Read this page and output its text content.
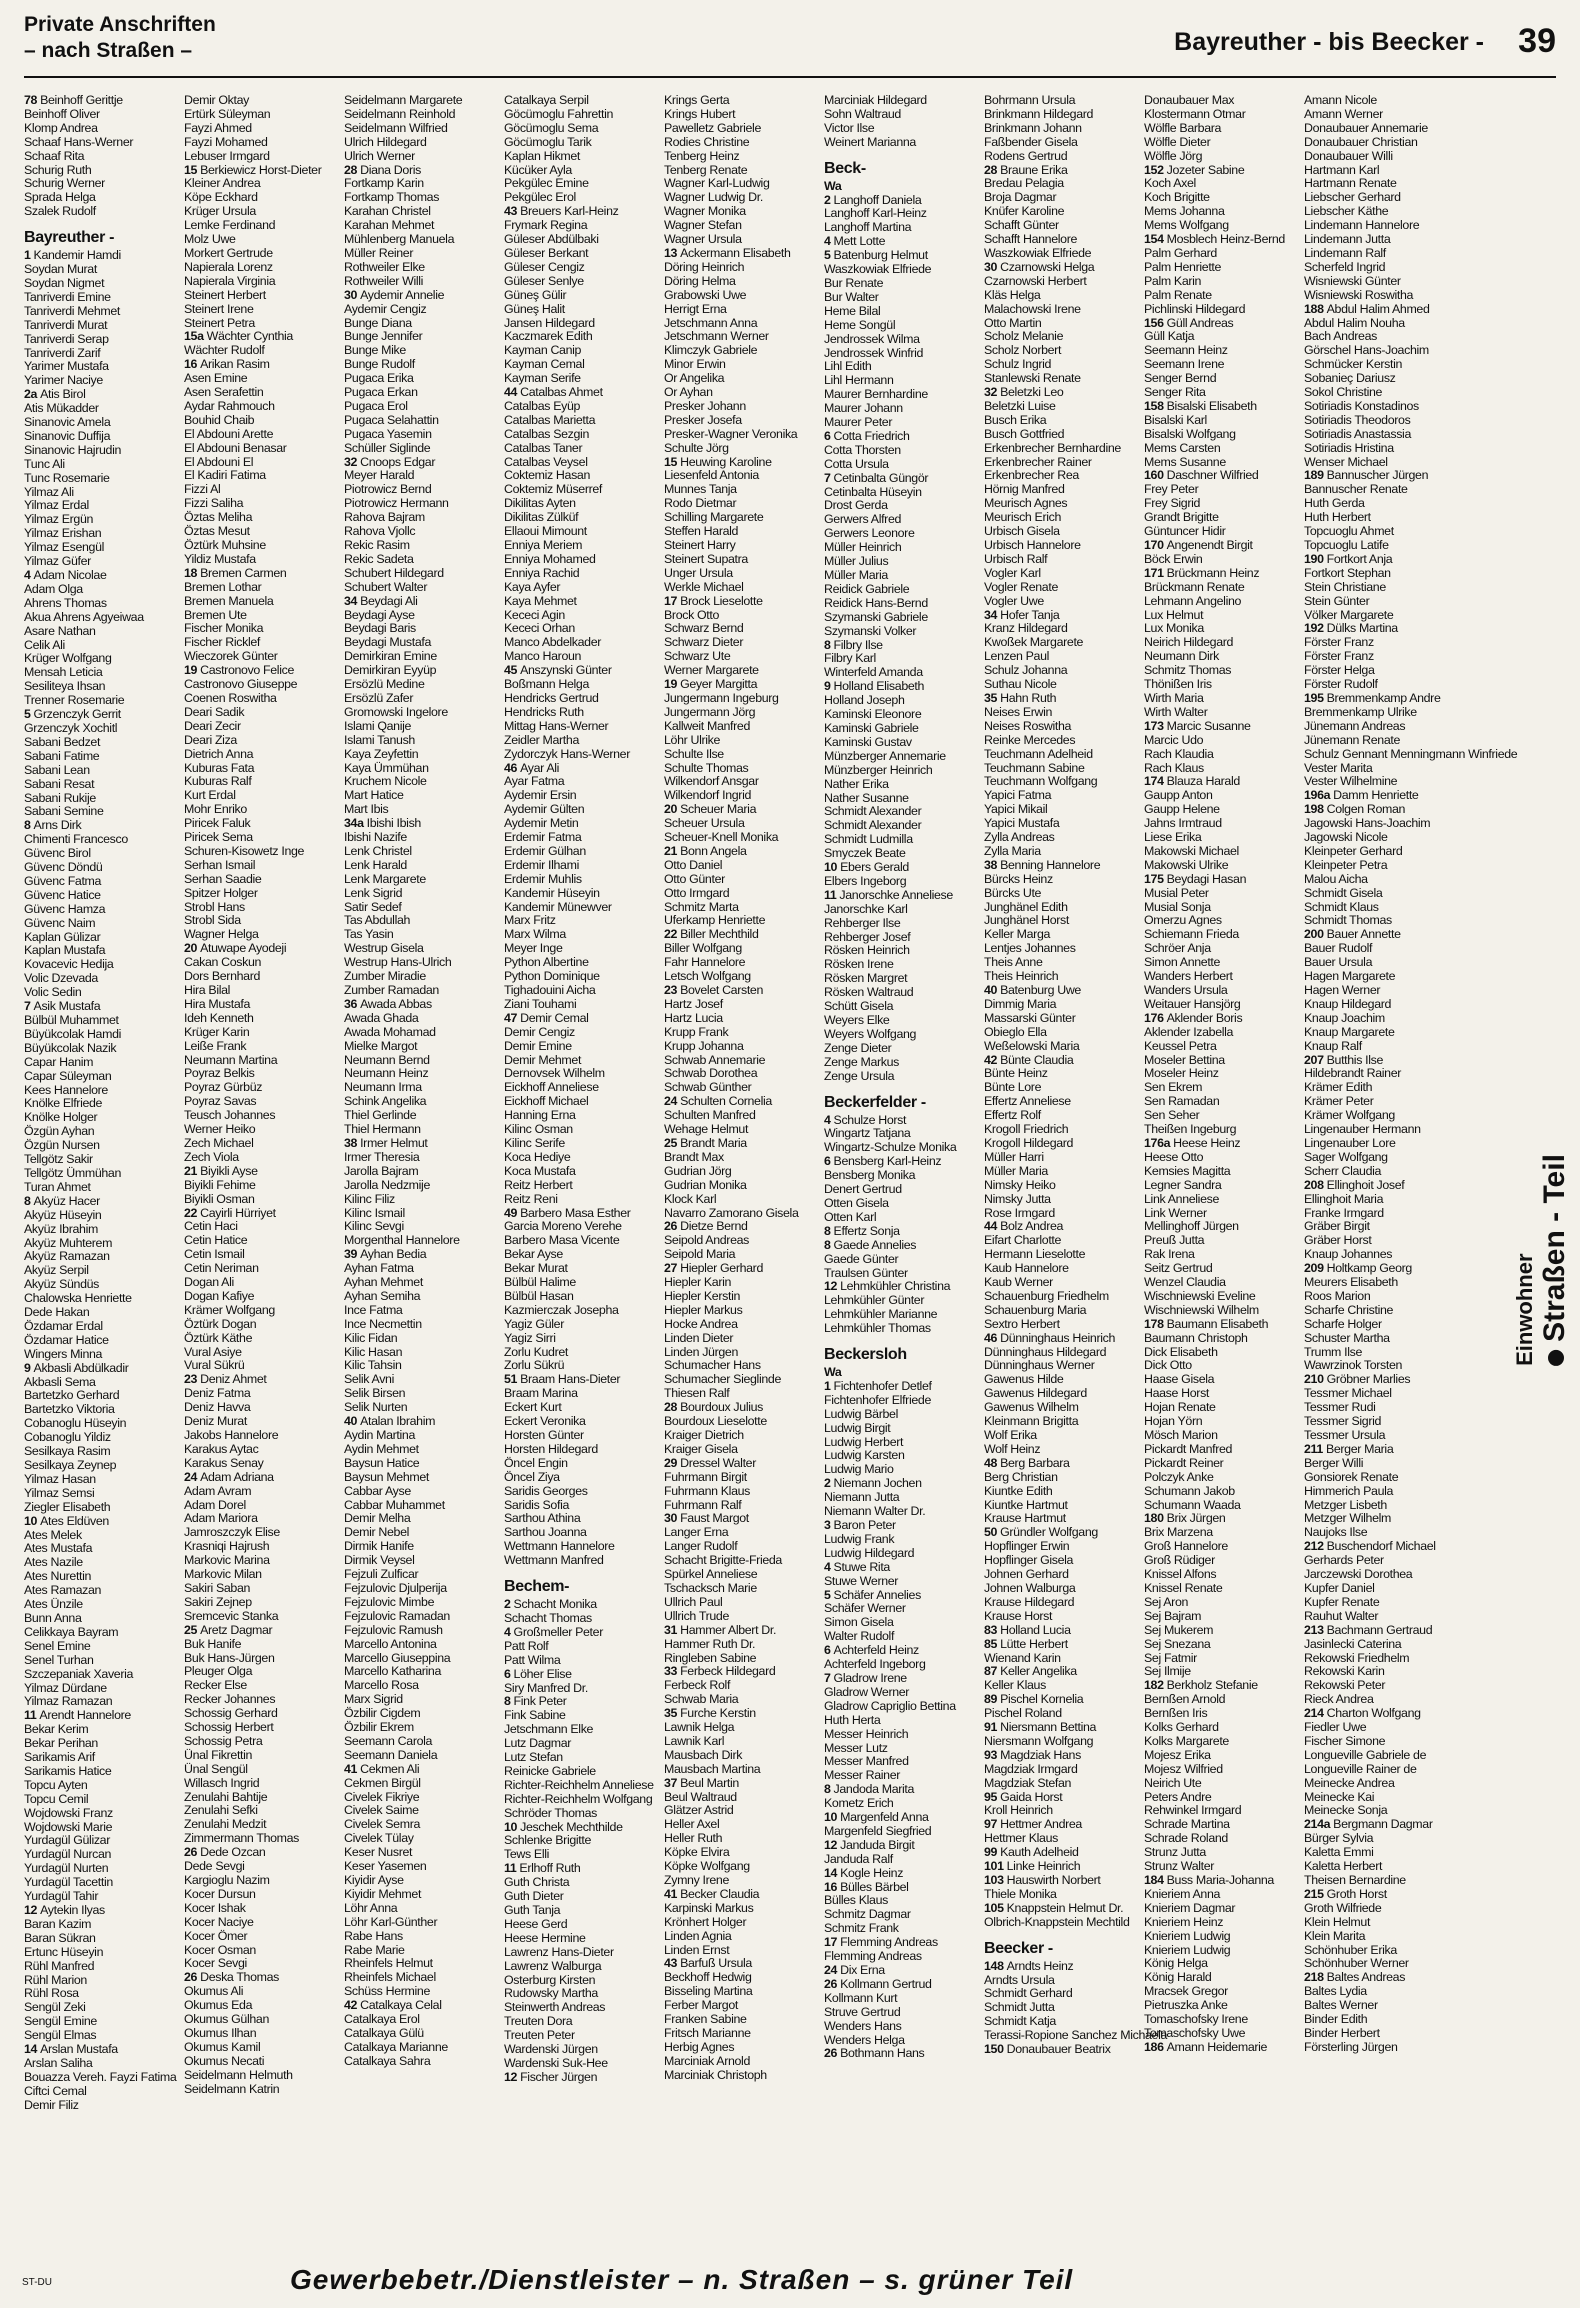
Private Anschriften
– nach Straßen –	Bayreuther - bis Beecker - 39
78 Beinhoff Gerittje
Beinhoff Oliver
Klomp Andrea
Schaaf Hans-Werner
Schaaf Rita
Schurig Ruth
Schurig Werner
Sprada Helga
Szalek Rudolf
Bayreuther -
1 Kandemir Hamdi
Soydan Murat
Soydan Nigmet
Tanriverdi Emine
Tanriverdi Mehmet
Tanriverdi Murat
Tanriverdi Serap
Tanriverdi Zarif
Yarimer Mustafa
Yarimer Naciye
2a Atis Birol
Atis Mükadder
Sinanovic Amela
Sinanovic Duffija
Sinanovic Hajrudin
Tunc Ali
Tunc Rosemarie
Yilmaz Ali
Yilmaz Erdal
Yilmaz Ergün
Yilmaz Erishan
Yilmaz Esengül
Yilmaz Güfer
4 Adam Nicolae
Adam Olga
Ahrens Thomas
Akua Ahrens Agyeiwaa
Asare Nathan
Celik Ali
Krüger Wolfgang
Mensah Leticia
Sesiliteya Ihsan
Trenner Rosemarie
5 Grzenczyk Gerrit
Grzenczyk Xochitl
Sabani Bedzet
Sabani Fatime
Sabani Lean
Sabani Resat
Sabani Rukije
Sabani Semine
8 Arns Dirk
Chimenti Francesco
Güvenc Birol
Güvenc Döndü
Güvenc Fatma
Güvenc Hatice
Güvenc Hamza
Güvenc Naim
Kaplan Gülizar
Kaplan Mustafa
Kovacevic Hedija
Volic Dzevada
Volic Sedin
7 Asik Mustafa
Bülbül Muhammet
Büyükcolak Hamdi
Büyükcolak Nazik
Capar Hanim
Capar Süleyman
Kees Hannelore
Knölke Elfriede
Knölke Holger
Özgün Ayhan
Özgün Nursen
Tellgötz Sakir
Tellgötz Ümmühan
Turan Ahmet
8 Akyüz Hacer
Akyüz Hüseyin
Akyüz Ibrahim
Akyüz Muhterem
Akyüz Ramazan
Akyüz Serpil
Akyüz Sündüs
Chalowska Henriette
Dede Hakan
Özdamar Erdal
Özdamar Hatice
Wingers Minna
9 Akbasli Abdülkadir
Akbasli Sema
Bartetzko Gerhard
Bartetzko Viktoria
Cobanoglu Hüseyin
Cobanoglu Yildiz
Sesilkaya Rasim
Sesilkaya Zeynep
Yilmaz Hasan
Yilmaz Semsi
Ziegler Elisabeth
10 Ates Eldüven
Ates Melek
Ates Mustafa
Ates Nazile
Ates Nurettin
Ates Ramazan
Ates Ünzile
Bunn Anna
Celikkaya Bayram
Senel Emine
Senel Turhan
Szczepaniak Xaveria
Yilmaz Dürdane
Yilmaz Ramazan
11 Arendt Hannelore
Bekar Kerim
Bekar Perihan
Sarikamis Arif
Sarikamis Hatice
Topcu Ayten
Topcu Cemil
Wojdowski Franz
Wojdowski Marie
Yurdagül Gülizar
Yurdagül Nurcan
Yurdagül Nurten
Yurdagül Tacettin
Yurdagül Tahir
12 Aytekin Ilyas
Baran Kazim
Baran Sükran
Ertunc Hüseyin
Rühl Manfred
Rühl Marion
Rühl Rosa
Sengül Zeki
Sengül Emine
Sengül Elmas
14 Arslan Mustafa
Arslan Saliha
Bouazza Vereh. Fayzi Fatima
Ciftci Cemal
Demir Filiz
Demir Oktay
Ertürk Süleyman
Fayzi Ahmed
Fayzi Mohamed
Lebuser Irmgard
15 Berkiewicz Horst-Dieter
Kleiner Andrea
Köpe Eckhard
Krüger Ursula
Lemke Ferdinand
Molz Uwe
Morkert Gertrude
Napierala Lorenz
Napierala Virginia
Steinert Herbert
Steinert Irene
Steinert Petra
15a Wächter Cynthia
Wächter Rudolf
16 Arikan Rasim
Asen Emine
Asen Serafettin
Aydar Rahmouch
Bouhid Chaib
El Abdouni Arette
El Abdouni Benasar
El Abdouni El
El Kadiri Fatima
Fizzi Al
Fizzi Saliha
Öztas Meliha
Öztas Mesut
Öztürk Muhsine
Yildiz Mustafa
18 Bremen Carmen
Bremen Lothar
Bremen Manuela
Bremen Ute
Fischer Monika
Fischer Ricklef
Wieczorek Günter
19 Castronovo Felice
Castronovo Giuseppe
Coenen Roswitha
Deari Sadik
Deari Zecir
Deari Ziza
Dietrich Anna
Kuburas Fata
Kuburas Ralf
Kurt Erdal
Mohr Enriko
Piricek Faluk
Piricek Sema
Schuren-Kisowetz Inge
Serhan Ismail
Serhan Saadie
Spitzer Holger
Strobl Hans
Strobl Sida
Wagner Helga
20 Atuwape Ayodeji
Cakan Coskun
Dors Bernhard
Hira Bilal
Hira Mustafa
Ideh Kenneth
Krüger Karin
Leiße Frank
Neumann Martina
Poyraz Belkis
Poyraz Gürbüz
Poyraz Savas
Teusch Johannes
Werner Heiko
Zech Michael
Zech Viola
21 Biyikli Ayse
Biyikli Fehime
Biyikli Osman
22 Cayirli Hürriyet
Cetin Haci
Cetin Hatice
Cetin Ismail
Cetin Neriman
Dogan Ali
Dogan Kafiye
Krämer Wolfgang
Öztürk Dogan
Öztürk Käthe
Vural Asiye
Vural Sükrü
23 Deniz Ahmet
Deniz Fatma
Deniz Havva
Deniz Murat
Jakobs Hannelore
Karakus Aytac
Karakus Senay
24 Adam Adriana
Adam Avram
Adam Dorel
Adam Mariora
Jamroszczyk Elise
Krasniqi Hajrush
Markovic Marina
Markovic Milan
Sakiri Saban
Sakiri Zejnep
Sremcevic Stanka
25 Aretz Dagmar
Buk Hanife
Buk Hans-Jürgen
Pleuger Olga
Recker Else
Recker Johannes
Schossig Gerhard
Schossig Herbert
Schossig Petra
Ünal Fikrettin
Ünal Sengül
Willasch Ingrid
Zenulahi Bahtije
Zenulahi Sefki
Zenulahi Medzit
Zimmermann Thomas
26 Dede Ozcan
Dede Sevgi
Kargioglu Nazim
Kocer Dursun
Kocer Ishak
Kocer Naciye
Kocer Ömer
Kocer Osman
Kocer Sevgi
26 Deska Thomas
Okumus Ali
Okumus Eda
Okumus Gülhan
Okumus Ilhan
Okumus Kamil
Okumus Necati
Seidelmann Helmuth
Seidelmann Katrin
Seidelmann Margarete
Seidelmann Reinhold
Seidelmann Wilfried
Ulrich Hildegard
Ulrich Werner
28 Diana Doris
Fortkamp Karin
Fortkamp Thomas
Karahan Christel
Karahan Mehmet
Mühlenberg Manuela
Müller Reiner
Rothweiler Elke
Rothweiler Willi
30 Aydemir Annelie
Aydemir Cengiz
Bunge Diana
Bunge Jennifer
Bunge Mike
Bunge Rudolf
Pugaca Erika
Pugaca Erkan
Pugaca Erol
Pugaca Selahattin
Pugaca Yasemin
Schüller Siglinde
32 Cnoops Edgar
Meyer Harald
Piotrowicz Bernd
Piotrowicz Hermann
Rahova Bajram
Rahova Vjollc
Rekic Rasim
Rekic Sadeta
Schubert Hildegard
Schubert Walter
34 Beydagi Ali
Beydagi Ayse
Beydagi Baris
Beydagi Mustafa
Demirkiran Emine
Demirkiran Eyyüp
Ersözlü Medine
Ersözlü Zafer
Gromowski Ingelore
Islami Qanije
Islami Tanush
Kaya Zeyfettin
Kaya Ümmühan
Kruchem Nicole
Mart Hatice
Mart Ibis
34a Ibishi Ibish
Ibishi Nazife
Lenk Christel
Lenk Harald
Lenk Margarete
Lenk Sigrid
Satir Sedef
Tas Abdullah
Tas Yasin
Westrup Gisela
Westrup Hans-Ulrich
Zumber Miradie
Zumber Ramadan
36 Awada Abbas
Awada Ghada
Awada Mohamad
Mielke Margot
Neumann Bernd
Neumann Heinz
Neumann Irma
Schink Angelika
Thiel Gerlinde
Thiel Hermann
38 Irmer Helmut
Irmer Theresia
Jarolla Bajram
Jarolla Nedzmije
Kilinc Filiz
Kilinc Ismail
Kilinc Sevgi
Morgenthal Hannelore
39 Ayhan Bedia
Ayhan Fatma
Ayhan Mehmet
Ayhan Semiha
Ince Fatma
Ince Necmettin
Kilic Fidan
Kilic Hasan
Kilic Tahsin
Selik Avni
Selik Birsen
Selik Nurten
40 Atalan Ibrahim
Aydin Martina
Aydin Mehmet
Baysun Hatice
Baysun Mehmet
Cabbar Ayse
Cabbar Muhammet
Demir Melha
Demir Nebel
Dirmik Hanife
Dirmik Veysel
Fejzuli Zulficar
Fejzulovic Djulperija
Fejzulovic Mimbe
Fejzulovic Ramadan
Fejzulovic Ramush
Marcello Antonina
Marcello Giuseppina
Marcello Katharina
Marcello Rosa
Marx Sigrid
Özbilir Cigdem
Özbilir Ekrem
Seemann Carola
Seemann Daniela
41 Cekmen Ali
Cekmen Birgül
Civelek Fikriye
Civelek Saime
Civelek Semra
Civelek Tülay
Keser Nusret
Keser Yasemen
Kiyidir Ayse
Kiyidir Mehmet
Löhr Anna
Löhr Karl-Günther
Rabe Hans
Rabe Marie
Rheinfels Helmut
Rheinfels Michael
Schüss Hermine
42 Catalkaya Celal
Catalkaya Erol
Catalkaya Gülü
Catalkaya Marianne
Catalkaya Sahra
Catalkaya Serpil
Göcümoglu Fahrettin
Göcümoglu Sema
Göcümoglu Tarik
Kaplan Hikmet
Kücüker Ayla
Pekgülec Emine
Pekgülec Erol
43 Breuers Karl-Heinz
Frymark Regina
Güleser Abdülbaki
Güleser Berkant
Güleser Cengiz
Güleser Senlye
Güneş Gülir
Güneş Halit
Jansen Hildegard
Kaczmarek Edith
Kayman Canip
Kayman Cemal
Kayman Serife
44 Catalbas Ahmet
Catalbas Eyüp
Catalbas Marietta
Catalbas Sezgin
Catalbas Taner
Catalbas Veysel
Coktemiz Hasan
Coktemiz Müserref
Dikilitas Ayten
Dikilitas Zülküf
Ellaoui Mimount
Enniya Meriem
Enniya Mohamed
Enniya Rachid
Kaya Ayfer
Kaya Mehmet
Kececi Agin
Kececi Orhan
Manco Abdelkader
Manco Haroun
45 Anszynski Günter
Boßmann Helga
Hendricks Gertrud
Hendricks Ruth
Mittag Hans-Werner
Zeidler Martha
Zydorczyk Hans-Werner
46 Ayar Ali
Ayar Fatma
Aydemir Ersin
Aydemir Gülten
Aydemir Metin
Erdemir Fatma
Erdemir Gülhan
Erdemir Ilhami
Erdemir Muhlis
Kandemir Hüseyin
Kandemir Münewver
Marx Fritz
Marx Wilma
Meyer Inge
Python Albertine
Python Dominique
Tighadouini Aicha
Ziani Touhami
47 Demir Cemal
Demir Cengiz
Demir Emine
Demir Mehmet
Dernovsek Wilhelm
Eickhoff Anneliese
Eickhoff Michael
Hanning Erna
Kilinc Osman
Kilinc Serife
Koca Hediye
Koca Mustafa
Reitz Herbert
Reitz Reni
49 Barbero Masa Esther
Garcia Moreno Verehe
Barbero Masa Vicente
Bekar Ayse
Bekar Murat
Bülbül Halime
Bülbül Hasan
Kazmierczak Josepha
Yagiz Güler
Yagiz Sirri
Zorlu Kudret
Zorlu Sükrü
51 Braam Hans-Dieter
Braam Marina
Eckert Kurt
Eckert Veronika
Horsten Günter
Horsten Hildegard
Öncel Engin
Öncel Ziya
Saridis Georges
Saridis Sofia
Sarthou Athina
Sarthou Joanna
Wettmann Hannelore
Wettmann Manfred
Bechem-
2 Schacht Monika
Schacht Thomas
4 Großmeller Peter
Patt Rolf
Patt Wilma
6 Löher Elise
Siry Manfred Dr.
8 Fink Peter
Fink Sabine
Jetschmann Elke
Lutz Dagmar
Lutz Stefan
Reinicke Gabriele
Richter-Reichhelm Anneliese
Richter-Reichhelm Wolfgang
Schröder Thomas
10 Jeschek Mechthilde
Schlenke Brigitte
Tews Elli
11 Erlhoff Ruth
Guth Christa
Guth Dieter
Guth Tanja
Heese Gerd
Heese Hermine
Lawrenz Hans-Dieter
Lawrenz Walburga
Osterburg Kirsten
Rudowsky Martha
Steinwerth Andreas
Treuten Dora
Treuten Peter
Wardenski Jürgen
Wardenski Suk-Hee
12 Fischer Jürgen
Krings Gerta
Krings Hubert
Pawelletz Gabriele
Rodies Christine
Tenberg Heinz
Tenberg Renate
Wagner Karl-Ludwig
Wagner Ludwig Dr.
Wagner Monika
Wagner Stefan
Wagner Ursula
13 Ackermann Elisabeth
Döring Heinrich
Döring Helma
Grabowski Uwe
Herrigt Erna
Jetschmann Anna
Jetschmann Werner
Klimczyk Gabriele
Minor Erwin
Or Angelika
Or Ayhan
Presker Johann
Presker Josefa
Presker-Wagner Veronika
Schulte Jörg
15 Heuwing Karoline
Liesenfeld Antonia
Munnes Tanja
Rodo Dietmar
Schilling Margarete
Steffen Harald
Steinert Harry
Steinert Supatra
Unger Ursula
Werkle Michael
17 Brock Lieselotte
Brock Otto
Schwarz Bernd
Schwarz Dieter
Schwarz Ute
Werner Margarete
19 Geyer Margitta
Jungermann Ingeburg
Jungermann Jörg
Kallweit Manfred
Löhr Ulrike
Schulte Ilse
Schulte Thomas
Wilkendorf Ansgar
Wilkendorf Ingrid
20 Scheuer Maria
Scheuer Ursula
Scheuer-Knell Monika
21 Bonn Angela
Otto Daniel
Otto Günter
Otto Irmgard
Schmitz Marta
Uferkamp Henriette
22 Biller Mechthild
Biller Wolfgang
Fahr Hannelore
Letsch Wolfgang
23 Bovelet Carsten
Hartz Josef
Hartz Lucia
Krupp Frank
Krupp Johanna
Schwab Annemarie
Schwab Dorothea
Schwab Günther
24 Schulten Cornelia
Schulten Manfred
Wehage Helmut
25 Brandt Maria
Brandt Max
Gudrian Jörg
Gudrian Monika
Klock Karl
Navarro Zamorano Gisela
26 Dietze Bernd
Seipold Andreas
Seipold Maria
27 Hiepler Gerhard
Hiepler Karin
Hiepler Kerstin
Hiepler Markus
Hocke Andrea
Linden Dieter
Linden Jürgen
Schumacher Hans
Schumacher Sieglinde
Thiesen Ralf
28 Bourdoux Julius
Bourdoux Lieselotte
Kraiger Dietrich
Kraiger Gisela
29 Dressel Walter
Fuhrmann Birgit
Fuhrmann Klaus
Fuhrmann Ralf
30 Faust Margot
Langer Erna
Langer Rudolf
Schacht Brigitte-Frieda
Spürkel Anneliese
Tschacksch Marie
Ullrich Paul
Ullrich Trude
31 Hammer Albert Dr.
Hammer Ruth Dr.
Ringleben Sabine
33 Ferbeck Hildegard
Ferbeck Rolf
Schwab Maria
35 Furche Kerstin
Lawnik Helga
Lawnik Karl
Mausbach Dirk
Mausbach Martina
37 Beul Martin
Beul Waltraud
Glätzer Astrid
Heller Axel
Heller Ruth
Köpke Elvira
Köpke Wolfgang
Zymny Irene
41 Becker Claudia
Karpinski Markus
Krönhert Holger
Linden Agnia
Linden Ernst
43 Barfuß Ursula
Beckhoff Hedwig
Bisseling Martina
Ferber Margot
Franken Sabine
Fritsch Marianne
Herbig Agnes
Marciniak Arnold
Marciniak Christoph
Marciniak Hildegard
Sohn Waltraud
Victor Ilse
Weinert Marianna
Beck-
Wa
2 Langhoff Daniela
Langhoff Karl-Heinz
Langhoff Martina
4 Mett Lotte
5 Batenburg Helmut
Waszkowiak Elfriede
Bur Renate
Bur Walter
Heme Bilal
Heme Songül
Jendrossek Wilma
Jendrossek Winfrid
Lihl Edith
Lihl Hermann
Maurer Bernhardine
Maurer Johann
Maurer Peter
6 Cotta Friedrich
Cotta Thorsten
Cotta Ursula
7 Cetinbalta Güngör
Cetinbalta Hüseyin
Drost Gerda
Gerwers Alfred
Gerwers Leonore
Müller Heinrich
Müller Julius
Müller Maria
Reidick Gabriele
Reidick Hans-Bernd
Szymanski Gabriele
Szymanski Volker
8 Filbry Ilse
Filbry Karl
Winterfeld Amanda
9 Holland Elisabeth
Holland Joseph
Kaminski Eleonore
Kaminski Gabriele
Kaminski Gustav
Münzberger Annemarie
Münzberger Heinrich
Nather Erika
Nather Susanne
Schmidt Alexander
Schmidt Alexander
Schmidt Ludmilla
Smyczek Beate
10 Ebers Gerald
Elbers Ingeborg
11 Janorschke Anneliese
Janorschke Karl
Rehberger Ilse
Rehberger Josef
Rösken Heinrich
Rösken Irene
Rösken Margret
Rösken Waltraud
Schütt Gisela
Weyers Elke
Weyers Wolfgang
Zenge Dieter
Zenge Markus
Zenge Ursula
Beckerfelder -
4 Schulze Horst
Wingartz Tatjana
Wingartz-Schulze Monika
6 Bensberg Karl-Heinz
Bensberg Monika
Denert Gertrud
Otten Gisela
Otten Karl
8 Effertz Sonja
8 Gaede Annelies
Gaede Günter
Traulsen Günter
12 Lehmkühler Christina
Lehmkühler Günter
Lehmkühler Marianne
Lehmkühler Thomas
Beckersloh
Wa
1 Fichtenhofer Detlef
Fichtenhofer Elfriede
Ludwig Bärbel
Ludwig Birgit
Ludwig Herbert
Ludwig Karsten
Ludwig Mario
2 Niemann Jochen
Niemann Jutta
Niemann Walter Dr.
3 Baron Peter
Ludwig Frank
Ludwig Hildegard
4 Stuwe Rita
Stuwe Werner
5 Schäfer Annelies
Schäfer Werner
Simon Gisela
Walter Rudolf
6 Achterfeld Heinz
Achterfeld Ingeborg
7 Gladrow Irene
Gladrow Werner
Gladrow Capriglio Bettina
Huth Herta
Messer Heinrich
Messer Lutz
Messer Manfred
Messer Rainer
8 Jandoda Marita
Kometz Erich
10 Margenfeld Anna
Margenfeld Siegfried
12 Janduda Birgit
Janduda Ralf
14 Kogle Heinz
16 Bülles Bärbel
Bülles Klaus
Schmitz Dagmar
Schmitz Frank
17 Flemming Andreas
Flemming Andreas
24 Dix Erna
26 Kollmann Gertrud
Kollmann Kurt
Struve Gertrud
Wenders Hans
Wenders Helga
26 Bothmann Hans
Bohrmann Ursula
Brinkmann Hildegard
Brinkmann Johann
Faßbender Gisela
Rodens Gertrud
28 Braune Erika
Bredau Pelagia
Broja Dagmar
Knüfer Karoline
Schafft Günter
Schafft Hannelore
Waszkowiak Elfriede
30 Czarnowski Helga
Czarnowski Herbert
Kläs Helga
Malachowski Irene
Otto Martin
Scholz Melanie
Scholz Norbert
Schulz Ingrid
Stanlewski Renate
32 Beletzki Leo
Beletzki Luise
Busch Erika
Busch Gottfried
Erkenbrecher Bernhardine
Erkenbrecher Rainer
Erkenbrecher Rea
Hörnig Manfred
Meurisch Agnes
Meurisch Erich
Urbisch Gisela
Urbisch Hannelore
Urbisch Ralf
Vogler Karl
Vogler Renate
Vogler Uwe
34 Hofer Tanja
Kranz Hildegard
Kwoßek Margarete
Lenzen Paul
Schulz Johanna
Suthau Nicole
35 Hahn Ruth
Neises Erwin
Neises Roswitha
Reinke Mercedes
Teuchmann Adelheid
Teuchmann Sabine
Teuchmann Wolfgang
Yapici Fatma
Yapici Mikail
Yapici Mustafa
Zylla Andreas
Zylla Maria
38 Benning Hannelore
Bürcks Heinz
Bürcks Ute
Junghänel Edith
Junghänel Horst
Keller Marga
Lentjes Johannes
Theis Anne
Theis Heinrich
40 Batenburg Uwe
Dimmig Maria
Massarski Günter
Obieglo Ella
Weßelowski Maria
42 Bünte Claudia
Bünte Heinz
Bünte Lore
Effertz Anneliese
Effertz Rolf
Krogoll Friedrich
Krogoll Hildegard
Müller Harri
Müller Maria
Nimsky Heiko
Nimsky Jutta
Rose Irmgard
44 Bolz Andrea
Eifart Charlotte
Hermann Lieselotte
Kaub Hannelore
Kaub Werner
Schauenburg Friedhelm
Schauenburg Maria
Sextro Herbert
46 Dünninghaus Heinrich
Dünninghaus Hildegard
Dünninghaus Werner
Gawenus Hilde
Gawenus Hildegard
Gawenus Wilhelm
Kleinmann Brigitta
Wolf Erika
Wolf Heinz
48 Berg Barbara
Berg Christian
Kiuntke Edith
Kiuntke Hartmut
Krause Hartmut
50 Gründler Wolfgang
Hopflinger Erwin
Hopflinger Gisela
Johnen Gerhard
Johnen Walburga
Krause Hildegard
Krause Horst
83 Holland Lucia
85 Lütte Herbert
Wienand Karin
87 Keller Angelika
Keller Klaus
89 Pischel Kornelia
Pischel Roland
91 Niersmann Bettina
Niersmann Wolfgang
93 Magdziak Hans
Magdziak Irmgard
Magdziak Stefan
95 Gaida Horst
Kroll Heinrich
97 Hettmer Andrea
Hettmer Klaus
99 Kauth Adelheid
101 Linke Heinrich
103 Hauswirth Norbert
Thiele Monika
105 Knappstein Helmut Dr.
Olbrich-Knappstein Mechtild
Beecker -
148 Arndts Heinz
Arndts Ursula
Schmidt Gerhard
Schmidt Jutta
Schmidt Katja
Terassi-Ropione Sanchez Michaela
150 Donaubauer Beatrix
Donaubauer Max
Klostermann Otmar
Wölfle Barbara
Wölfle Dieter
Wölfle Jörg
152 Jozeter Sabine
Koch Axel
Koch Brigitte
Mems Johanna
Mems Wolfgang
154 Mosblech Heinz-Bernd
Palm Gerhard
Palm Henriette
Palm Karin
Palm Renate
Pichlinski Hildegard
156 Güll Andreas
Güll Katja
Seemann Heinz
Seemann Irene
Senger Bernd
Senger Rita
158 Bisalski Elisabeth
Bisalski Karl
Bisalski Wolfgang
Mems Carsten
Mems Susanne
160 Daschner Wilfried
Frey Peter
Frey Sigrid
Grandt Brigitte
Güntuncer Hidir
170 Angenendt Birgit
Böck Erwin
171 Brückmann Heinz
Brückmann Renate
Lehmann Angelino
Lux Helmut
Lux Monika
Neirich Hildegard
Neumann Dirk
Schmitz Thomas
Thönißen Iris
Wirth Maria
Wirth Walter
173 Marcic Susanne
Marcic Udo
Rach Klaudia
Rach Klaus
174 Blauza Harald
Gaupp Anton
Gaupp Helene
Jahns Irmtraud
Liese Erika
Makowski Michael
Makowski Ulrike
175 Beydagi Hasan
Musial Peter
Musial Sonja
Omerzu Agnes
Schiemann Frieda
Schröer Anja
Simon Annette
Wanders Herbert
Wanders Ursula
Weitauer Hansjörg
176 Aklender Boris
Aklender Izabella
Keussel Petra
Moseler Bettina
Moseler Heinz
Sen Ekrem
Sen Ramadan
Sen Seher
Theißen Ingeburg
176a Heese Heinz
Heese Otto
Kemsies Magitta
Legner Sandra
Link Anneliese
Link Werner
Mellinghoff Jürgen
Preuß Jutta
Rak Irena
Seitz Gertrud
Wenzel Claudia
Wischniewski Eveline
Wischniewski Wilhelm
178 Baumann Elisabeth
Baumann Christoph
Dick Elisabeth
Dick Otto
Haase Gisela
Haase Horst
Hojan Renate
Hojan Yörn
Mösch Marion
Pickardt Manfred
Pickardt Reiner
Polczyk Anke
Schumann Jakob
Schumann Waada
180 Brix Jürgen
Brix Marzena
Groß Hannelore
Groß Rüdiger
Knissel Alfons
Knissel Renate
Sej Aron
Sej Bajram
Sej Mukerem
Sej Snezana
Sej Fatmir
Sej Ilmije
182 Berkholz Stefanie
Bernßen Arnold
Bernßen Iris
Kolks Gerhard
Kolks Margarete
Mojesz Erika
Mojesz Wilfried
Neirich Ute
Peters Andre
Rehwinkel Irmgard
Schrade Martina
Schrade Roland
Strunz Jutta
Strunz Walter
184 Buss Maria-Johanna
Knieriem Anna
Knieriem Dagmar
Knieriem Heinz
Knieriem Ludwig
Knieriem Ludwig
König Helga
König Harald
Mracsek Gregor
Pietruszka Anke
Tomaschofsky Irene
Tomaschofsky Uwe
186 Amann Heidemarie
Amann Nicole
Amann Werner
Donaubauer Annemarie
Donaubauer Christian
Donaubauer Willi
Hartmann Karl
Hartmann Renate
Liebscher Gerhard
Liebscher Käthe
Lindemann Hannelore
Lindemann Jutta
Lindemann Ralf
Scherfeld Ingrid
Wisniewski Günter
Wisniewski Roswitha
188 Abdul Halim Ahmed
Abdul Halim Nouha
Bach Andreas
Görschel Hans-Joachim
Schmücker Kerstin
Sobanieç Dariusz
Sokol Christine
Sotiriadis Konstadinos
Sotiriadis Theodoros
Sotiriadis Anastassia
Sotiriadis Hristina
Wenser Michael
189 Bannuscher Jürgen
Bannuscher Renate
Huth Gerda
Huth Herbert
Topcuoglu Ahmet
Topcuoglu Latife
190 Fortkort Anja
Fortkort Stephan
Stein Christiane
Stein Günter
Völker Margarete
192 Dülks Martina
Förster Franz
Förster Franz
Förster Helga
Förster Rudolf
195 Bremmenkamp Andre
Bremmenkamp Ulrike
Jünemann Andreas
Jünemann Renate
Schulz Gennant Menningmann Winfriede
Vester Marita
Vester Wilhelmine
196a Damm Henriette
198 Colgen Roman
Jagowski Hans-Joachim
Jagowski Nicole
Kleinpeter Gerhard
Kleinpeter Petra
Malou Aicha
Schmidt Gisela
Schmidt Klaus
Schmidt Thomas
200 Bauer Annette
Bauer Rudolf
Bauer Ursula
Hagen Margarete
Hagen Werner
Knaup Hildegard
Knaup Joachim
Knaup Margarete
Knaup Ralf
207 Butthis Ilse
Hildebrandt Rainer
Krämer Edith
Krämer Peter
Krämer Wolfgang
Lingenauber Hermann
Lingenauber Lore
Sager Wolfgang
Scherr Claudia
208 Ellinghoit Josef
Ellinghoit Maria
Franke Irmgard
Gräber Birgit
Gräber Horst
Knaup Johannes
209 Holtkamp Georg
Meurers Elisabeth
Roos Marion
Scharfe Christine
Scharfe Holger
Schuster Martha
Trumm Ilse
Wawrzinok Torsten
210 Gröbner Marlies
Tessmer Michael
Tessmer Rudi
Tessmer Sigrid
Tessmer Ursula
211 Berger Maria
Berger Willi
Gonsiorek Renate
Himmerich Paula
Metzger Lisbeth
Metzger Wilhelm
Naujoks Ilse
212 Buschendorf Michael
Gerhards Peter
Jarczewski Dorothea
Kupfer Daniel
Kupfer Renate
Rauhut Walter
213 Bachmann Gertraud
Jasinlecki Caterina
Rekowski Friedhelm
Rekowski Karin
Rekowski Peter
Rieck Andrea
214 Charton Wolfgang
Fiedler Uwe
Fischer Simone
Longueville Gabriele de
Longueville Rainer de
Meinecke Andrea
Meinecke Kai
Meinecke Sonja
214a Bergmann Dagmar
Bürger Sylvia
Kaletta Emmi
Kaletta Herbert
Theisen Bernardine
215 Groth Horst
Groth Wilfriede
Klein Helmut
Klein Marita
Schönhuber Erika
Schönhuber Werner
218 Baltes Andreas
Baltes Lydia
Baltes Werner
Binder Edith
Binder Herbert
Försterling Jürgen
Einwohner Straßen - Teil
ST-DU	Gewerbebetr./Dienstleister – n. Straßen – s. grüner Teil
